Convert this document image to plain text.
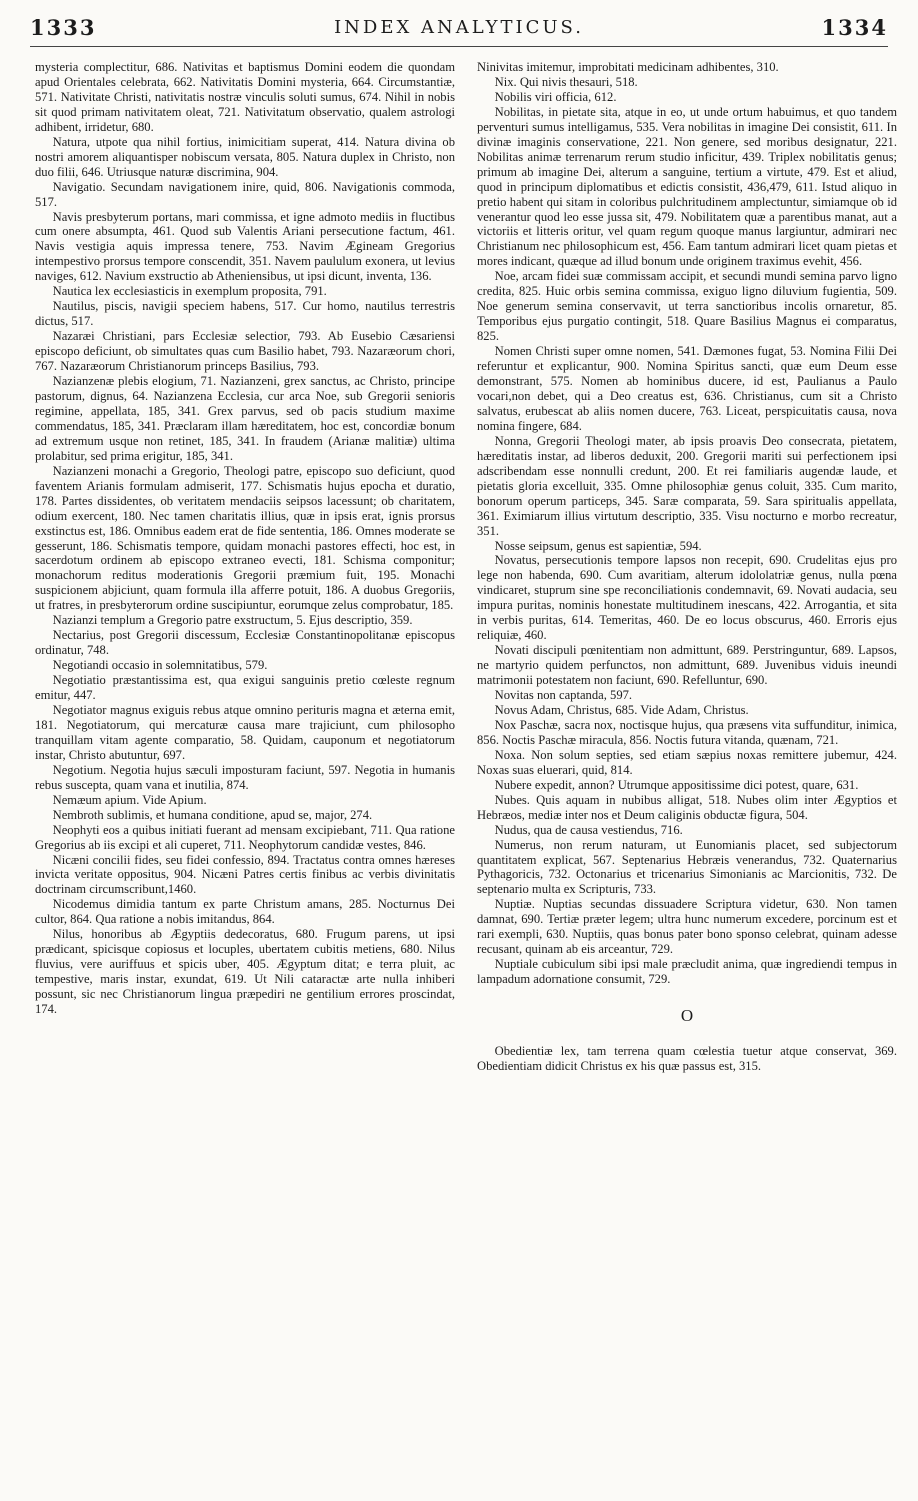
1333	INDEX ANALYTICUS.	1334

mysteria complectitur, 686. Nativitas et baptismus Domini eodem die quondam apud Orientales celebrata, 662. Nativitatis Domini mysteria, 664. Circumstantiæ, 571. Nativitate Christi, nativitatis nostræ vinculis soluti sumus, 674. Nihil in nobis sit quod primam nativitatem oleat, 721. Nativitatum observatio, qualem astrologi adhibent, irridetur, 680.

Natura, utpote qua nihil fortius, inimicitiam superat, 414. Natura divina ob nostri amorem aliquantisper nobiscum versata, 805. Natura duplex in Christo, non duo filii, 646. Utriusque naturæ discrimina, 904.

Navigatio. Secundam navigationem inire, quid, 806. Navigationis commoda, 517.

Navis presbyterum portans, mari commissa, et igne admoto mediis in fluctibus cum onere absumpta, 461. Quod sub Valentis Ariani persecutione factum, 461. Navis vestigia aquis impressa tenere, 753. Navim Ægineam Gregorius intempestivo prorsus tempore conscendit, 351. Navem paululum exonera, ut levius naviges, 612. Navium exstructio ab Atheniensibus, ut ipsi dicunt, inventa, 136.

Nautica lex ecclesiasticis in exemplum proposita, 791.

Nautilus, piscis, navigii speciem habens, 517. Cur homo, nautilus terrestris dictus, 517.

Nazaræi Christiani, pars Ecclesiæ selectior, 793. Ab Eusebio Cæsariensi episcopo deficiunt, ob simultates quas cum Basilio habet, 793. Nazaræorum chori, 767. Nazaræorum Christianorum princeps Basilius, 793.

Nazianzenæ plebis elogium, 71. Nazianzeni, grex sanctus, ac Christo, principe pastorum, dignus, 64. Nazianzena Ecclesia, cur arca Noe, sub Gregorii senioris regimine, appellata, 185, 341. Grex parvus, sed ob pacis studium maxime commendatus, 185, 341. Præclaram illam hæreditatem, hoc est, concordiæ bonum ad extremum usque non retinet, 185, 341. In fraudem (Arianæ malitiæ) ultima prolabitur, sed prima erigitur, 185, 341.

Nazianzeni monachi a Gregorio, Theologi patre, episcopo suo deficiunt, quod faventem Arianis formulam admiserit, 177. Schismatis hujus epocha et duratio, 178. Partes dissidentes, ob veritatem mendaciis seipsos lacessunt; ob charitatem, odium exercent, 180. Nec tamen charitatis illius, quæ in ipsis erat, ignis prorsus exstinctus est, 186. Omnibus eadem erat de fide sententia, 186. Omnes moderate se gesserunt, 186. Schismatis tempore, quidam monachi pastores effecti, hoc est, in sacerdotum ordinem ab episcopo extraneo evecti, 181. Schisma componitur; monachorum reditus moderationis Gregorii præmium fuit, 195. Monachi suspicionem abjiciunt, quam formula illa afferre potuit, 186. A duobus Gregoriis, ut fratres, in presbyterorum ordine suscipiuntur, eorumque zelus comprobatur, 185.

Nazianzi templum a Gregorio patre exstructum, 5. Ejus descriptio, 359.

Nectarius, post Gregorii discessum, Ecclesiæ Constantinopolitanæ episcopus ordinatur, 748.

Negotiandi occasio in solemnitatibus, 579.

Negotiatio præstantissima est, qua exigui sanguinis pretio cœleste regnum emitur, 447.

Negotiator magnus exiguis rebus atque omnino perituris magna et æterna emit, 181. Negotiatorum, qui mercaturæ causa mare trajiciunt, cum philosopho tranquillam vitam agente comparatio, 58. Quidam, cauponum et negotiatorum instar, Christo abutuntur, 697.

Negotium. Negotia hujus sæculi imposturam faciunt, 597. Negotia in humanis rebus suscepta, quam vana et inutilia, 874.

Nemæum apium. Vide Apium.

Nembroth sublimis, et humana conditione, apud se, major, 274.

Neophyti eos a quibus initiati fuerant ad mensam excipiebant, 711. Qua ratione Gregorius ab iis excipi et ali cuperet, 711. Neophytorum candidæ vestes, 846.

Nicæni concilii fides, seu fidei confessio, 894. Tractatus contra omnes hæreses invicta veritate oppositus, 904. Nicæni Patres certis finibus ac verbis divinitatis doctrinam circumscribunt,1460.

Nicodemus dimidia tantum ex parte Christum amans, 285. Nocturnus Dei cultor, 864. Qua ratione a nobis imitandus, 864.

Nilus, honoribus ab Ægyptiis dedecoratus, 680. Frugum parens, ut ipsi prædicant, spicisque copiosus et locuples, ubertatem cubitis metiens, 680. Nilus fluvius, vere auriffuus et spicis uber, 405. Ægyptum ditat; e terra pluit, ac tempestive, maris instar, exundat, 619. Ut Nili cataractæ arte nulla inhiberi possunt, sic nec Christianorum lingua præpediri ne gentilium errores proscindat, 174.

Ninivitas imitemur, improbitati medicinam adhibentes, 310.

Nix. Qui nivis thesauri, 518.

Nobilis viri officia, 612.

Nobilitas, in pietate sita, atque in eo, ut unde ortum habuimus, et quo tandem perventuri sumus intelligamus, 535. Vera nobilitas in imagine Dei consistit, 611. In divinæ imaginis conservatione, 221. Non genere, sed moribus designatur, 221. Nobilitas animæ terrenarum rerum studio inficitur, 439. Triplex nobilitatis genus; primum ab imagine Dei, alterum a sanguine, tertium a virtute, 479. Est et aliud, quod in principum diplomatibus et edictis consistit, 436,479, 611. Istud aliquo in pretio habent qui sitam in coloribus pulchritudinem amplectuntur, simiamque ob id venerantur quod leo esse jussa sit, 479. Nobilitatem quæ a parentibus manat, aut a victoriis et litteris oritur, vel quam regum quoque manus largiuntur, admirari nec Christianum nec philosophicum est, 456. Eam tantum admirari licet quam pietas et mores indicant, quæque ad illud bonum unde originem traximus evehit, 456.

Noe, arcam fidei suæ commissam accipit, et secundi mundi semina parvo ligno credita, 825. Huic orbis semina commissa, exiguo ligno diluvium fugientia, 509. Noe generum semina conservavit, ut terra sanctioribus incolis ornaretur, 85. Temporibus ejus purgatio contingit, 518. Quare Basilius Magnus ei comparatus, 825.

Nomen Christi super omne nomen, 541. Dæmones fugat, 53. Nomina Filii Dei referuntur et explicantur, 900. Nomina Spiritus sancti, quæ eum Deum esse demonstrant, 575. Nomen ab hominibus ducere, id est, Paulianus a Paulo vocari,non debet, qui a Deo creatus est, 636. Christianus, cum sit a Christo salvatus, erubescat ab aliis nomen ducere, 763. Liceat, perspicuitatis causa, nova nomina fingere, 684.

Nonna, Gregorii Theologi mater, ab ipsis proavis Deo consecrata, pietatem, hæreditatis instar, ad liberos deduxit, 200. Gregorii mariti sui perfectionem ipsi adscribendam esse nonnulli credunt, 200. Et rei familiaris augendæ laude, et pietatis gloria excelluit, 335. Omne philosophiæ genus coluit, 335. Cum marito, bonorum operum particeps, 345. Saræ comparata, 59. Sara spiritualis appellata, 361. Eximiarum illius virtutum descriptio, 335. Visu nocturno e morbo recreatur, 351.

Nosse seipsum, genus est sapientiæ, 594.

Novatus, persecutionis tempore lapsos non recepit, 690. Crudelitas ejus pro lege non habenda, 690. Cum avaritiam, alterum idololatriæ genus, nulla pœna vindicaret, stuprum sine spe reconciliationis condemnavit, 69. Novati audacia, seu impura puritas, nominis honestate multitudinem inescans, 422. Arrogantia, et sita in verbis puritas, 614. Temeritas, 460. De eo locus obscurus, 460. Erroris ejus reliquiæ, 460.

Novati discipuli pœnitentiam non admittunt, 689. Perstringuntur, 689. Lapsos, ne martyrio quidem perfunctos, non admittunt, 689. Juvenibus viduis ineundi matrimonii potestatem non faciunt, 690. Refelluntur, 690.

Novitas non captanda, 597.

Novus Adam, Christus, 685. Vide Adam, Christus.

Nox Paschæ, sacra nox, noctisque hujus, qua præsens vita suffunditur, inimica, 856. Noctis Paschæ miracula, 856. Noctis futura vitanda, quænam, 721.

Noxa. Non solum septies, sed etiam sæpius noxas remittere jubemur, 424. Noxas suas eluerari, quid, 814.

Nubere expedit, annon? Utrumque appositissime dici potest, quare, 631.

Nubes. Quis aquam in nubibus alligat, 518. Nubes olim inter Ægyptios et Hebræos, mediæ inter nos et Deum caliginis obductæ figura, 504.

Nudus, qua de causa vestiendus, 716.

Numerus, non rerum naturam, ut Eunomianis placet, sed subjectorum quantitatem explicat, 567. Septenarius Hebræis venerandus, 732. Quaternarius Pythagoricis, 732. Octonarius et tricenarius Simonianis ac Marcionitis, 732. De septenario multa ex Scripturis, 733.

Nuptiæ. Nuptias secundas dissuadere Scriptura videtur, 630. Non tamen damnat, 690. Tertiæ præter legem; ultra hunc numerum excedere, porcinum est et rari exempli, 630. Nuptiis, quas bonus pater bono sponso celebrat, quinam adesse recusant, quinam ab eis arceantur, 729.

Nuptiale cubiculum sibi ipsi male præcludit anima, quæ ingrediendi tempus in lampadum adornatione consumit, 729.

O

Obedientiæ lex, tam terrena quam cœlestia tuetur atque conservat, 369. Obedientiam didicit Christus ex his quæ passus est, 315.
